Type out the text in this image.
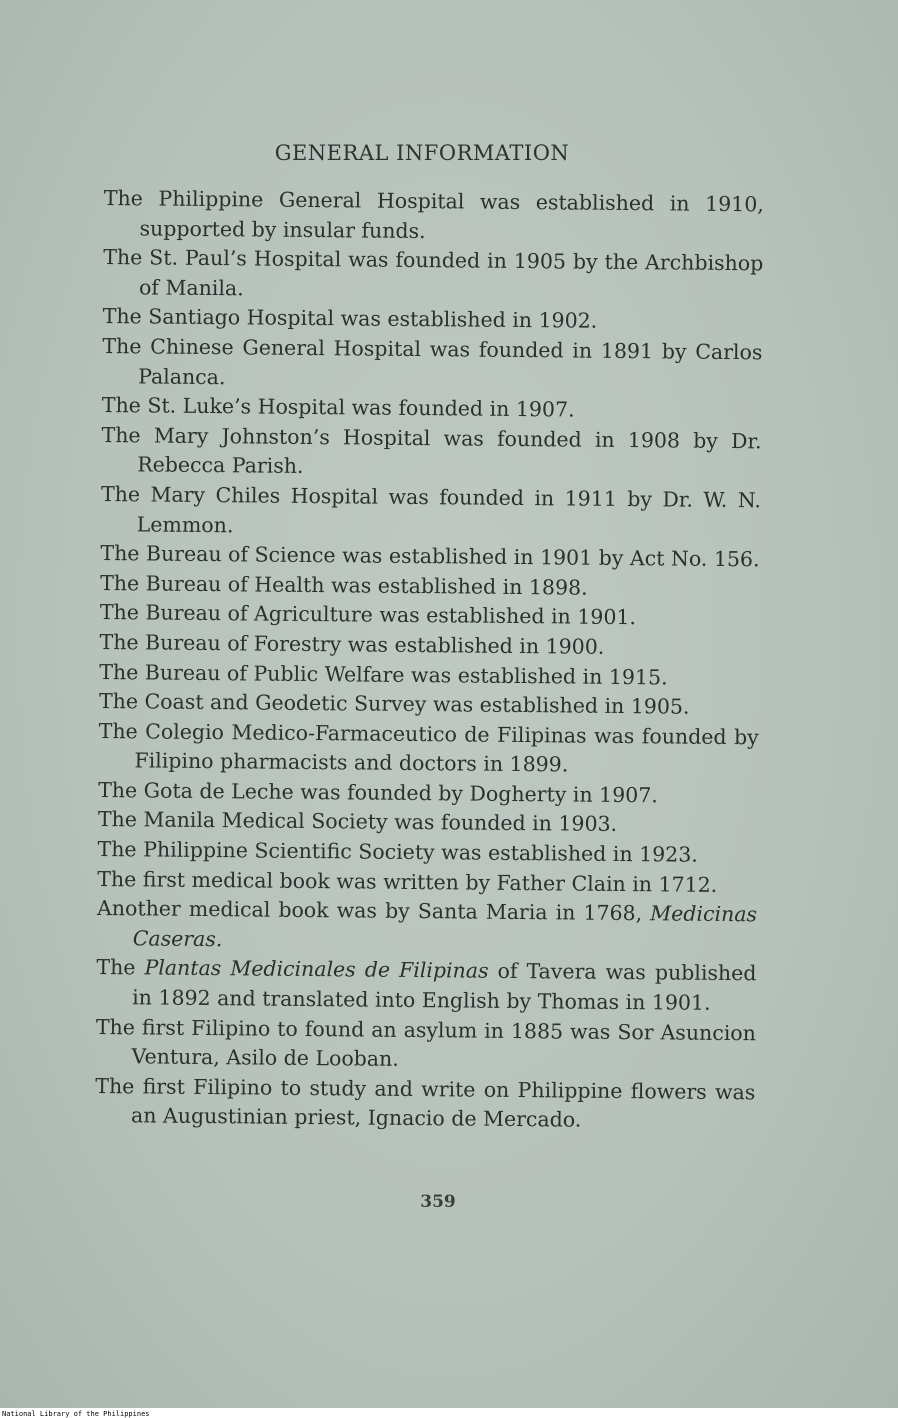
GENERAL INFORMATION
The Philippine General Hospital was established in 1910, supported by insular funds.
The St. Paul’s Hospital was founded in 1905 by the Archbishop of Manila.
The Santiago Hospital was established in 1902.
The Chinese General Hospital was founded in 1891 by Carlos Palanca.
The St. Luke’s Hospital was founded in 1907.
The Mary Johnston’s Hospital was founded in 1908 by Dr. Rebecca Parish.
The Mary Chiles Hospital was founded in 1911 by Dr. W. N. Lemmon.
The Bureau of Science was established in 1901 by Act No. 156.
The Bureau of Health was established in 1898.
The Bureau of Agriculture was established in 1901.
The Bureau of Forestry was established in 1900.
The Bureau of Public Welfare was established in 1915.
The Coast and Geodetic Survey was established in 1905.
The Colegio Medico-Farmaceutico de Filipinas was founded by Filipino pharmacists and doctors in 1899.
The Gota de Leche was founded by Dogherty in 1907.
The Manila Medical Society was founded in 1903.
The Philippine Scientific Society was established in 1923.
The first medical book was written by Father Clain in 1712.
Another medical book was by Santa Maria in 1768, Medicinas Caseras.
The Plantas Medicinales de Filipinas of Tavera was published in 1892 and translated into English by Thomas in 1901.
The first Filipino to found an asylum in 1885 was Sor Asuncion Ventura, Asilo de Looban.
The first Filipino to study and write on Philippine flowers was an Augustinian priest, Ignacio de Mercado.
359
National Library of the Philippines
